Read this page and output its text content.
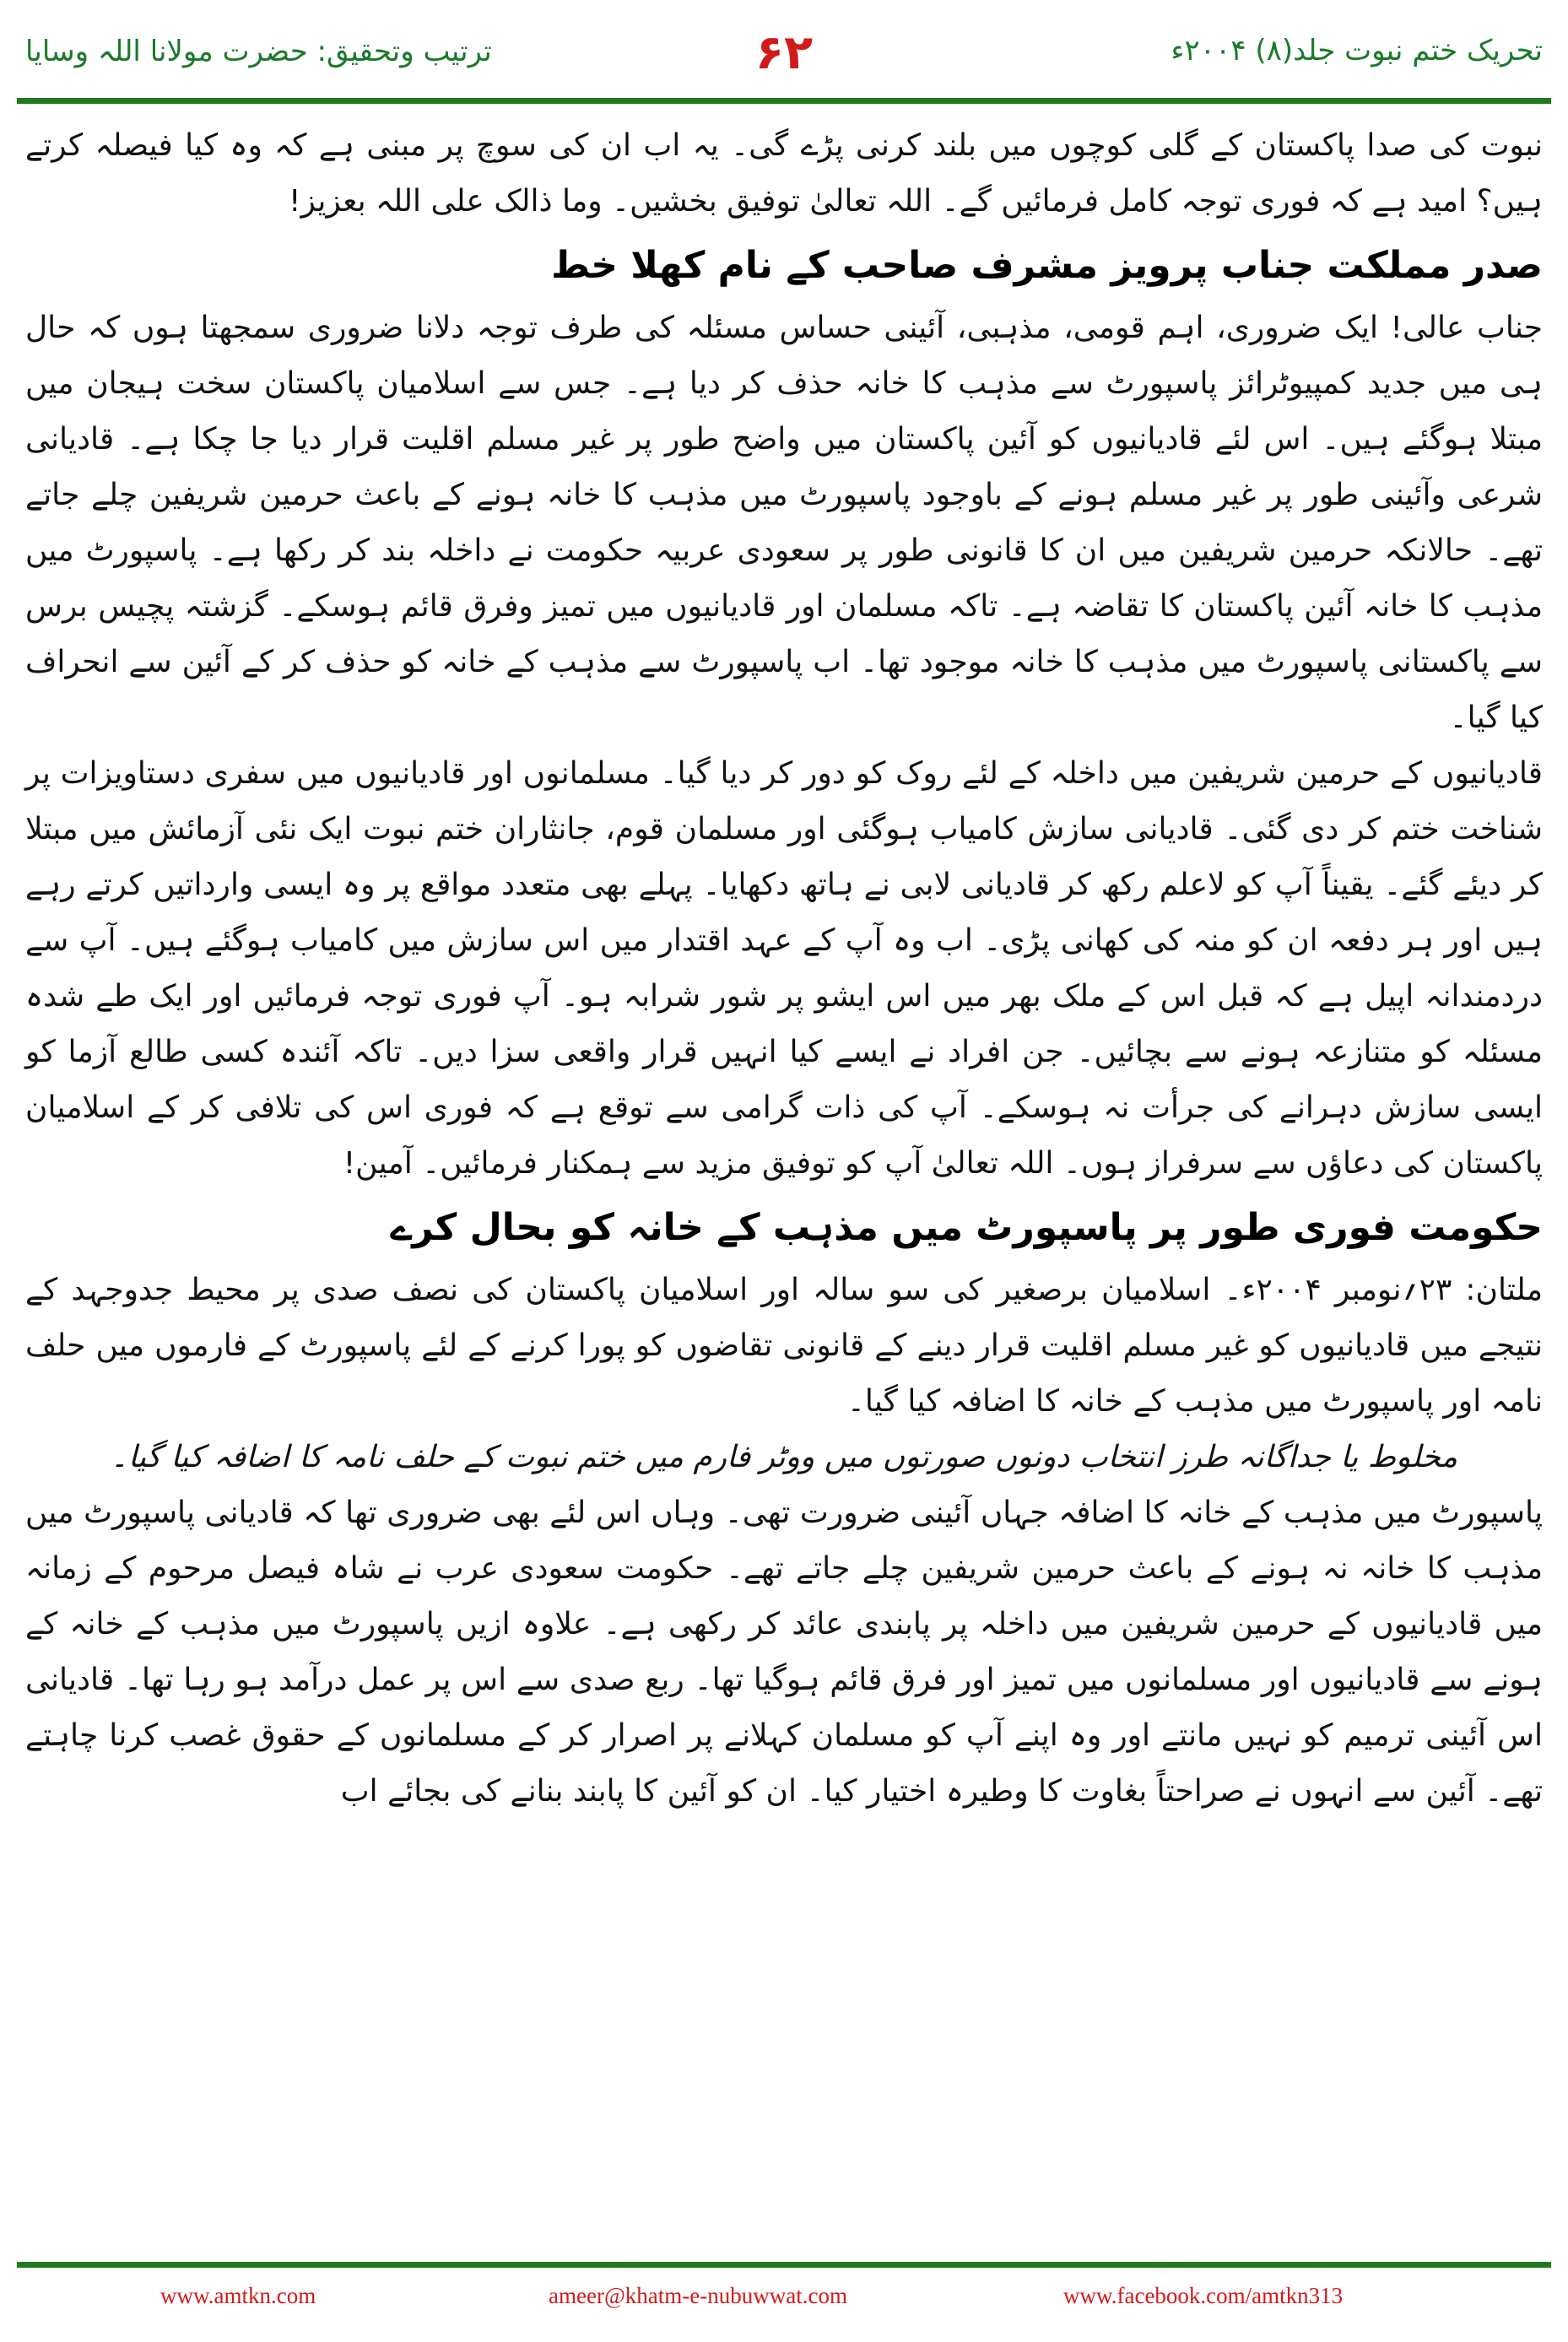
ترتیب وتحقیق: حضرت مولانا اللہ وسایا	۶۲	تحریک ختم نبوت جلد(۸) ۲۰۰۴ء

نبوت کی صدا پاکستان کے گلی کوچوں میں بلند کرنی پڑے گی۔ یہ اب ان کی سوچ پر مبنی ہے کہ وہ کیا فیصلہ کرتے ہیں؟ امید ہے کہ فوری توجہ کامل فرمائیں گے۔ اللہ تعالیٰ توفیق بخشیں۔ وما ذالک علی اللہ بعزیز!

صدر مملکت جناب پرویز مشرف صاحب کے نام کھلا خط

جناب عالی! ایک ضروری، اہم قومی، مذہبی، آئینی حساس مسئلہ کی طرف توجہ دلانا ضروری سمجھتا ہوں کہ حال ہی میں جدید کمپیوٹرائز پاسپورٹ سے مذہب کا خانہ حذف کر دیا ہے۔ جس سے اسلامیان پاکستان سخت ہیجان میں مبتلا ہوگئے ہیں۔ اس لئے قادیانیوں کو آئین پاکستان میں واضح طور پر غیر مسلم اقلیت قرار دیا جا چکا ہے۔ قادیانی شرعی وآئینی طور پر غیر مسلم ہونے کے باوجود پاسپورٹ میں مذہب کا خانہ ہونے کے باعث حرمین شریفین چلے جاتے تھے۔ حالانکہ حرمین شریفین میں ان کا قانونی طور پر سعودی عربیہ حکومت نے داخلہ بند کر رکھا ہے۔ پاسپورٹ میں مذہب کا خانہ آئین پاکستان کا تقاضہ ہے۔ تاکہ مسلمان اور قادیانیوں میں تمیز وفرق قائم ہوسکے۔ گزشتہ پچیس برس سے پاکستانی پاسپورٹ میں مذہب کا خانہ موجود تھا۔ اب پاسپورٹ سے مذہب کے خانہ کو حذف کر کے آئین سے انحراف کیا گیا۔

قادیانیوں کے حرمین شریفین میں داخلہ کے لئے روک کو دور کر دیا گیا۔ مسلمانوں اور قادیانیوں میں سفری دستاویزات پر شناخت ختم کر دی گئی۔ قادیانی سازش کامیاب ہوگئی اور مسلمان قوم، جانثاران ختم نبوت ایک نئی آزمائش میں مبتلا کر دیئے گئے۔ یقیناً آپ کو لاعلم رکھ کر قادیانی لابی نے ہاتھ دکھایا۔ پہلے بھی متعدد مواقع پر وہ ایسی وارداتیں کرتے رہے ہیں اور ہر دفعہ ان کو منہ کی کھانی پڑی۔ اب وہ آپ کے عہد اقتدار میں اس سازش میں کامیاب ہوگئے ہیں۔ آپ سے دردمندانہ اپیل ہے کہ قبل اس کے ملک بھر میں اس ایشو پر شور شرابہ ہو۔ آپ فوری توجہ فرمائیں اور ایک طے شدہ مسئلہ کو متنازعہ ہونے سے بچائیں۔ جن افراد نے ایسے کیا انہیں قرار واقعی سزا دیں۔ تاکہ آئندہ کسی طالع آزما کو ایسی سازش دہرانے کی جرأت نہ ہوسکے۔ آپ کی ذات گرامی سے توقع ہے کہ فوری اس کی تلافی کر کے اسلامیان پاکستان کی دعاؤں سے سرفراز ہوں۔ اللہ تعالیٰ آپ کو توفیق مزید سے ہمکنار فرمائیں۔ آمین!

حکومت فوری طور پر پاسپورٹ میں مذہب کے خانہ کو بحال کرے

ملتان: ۲۳؍نومبر ۲۰۰۴ء۔ اسلامیان برصغیر کی سو سالہ اور اسلامیان پاکستان کی نصف صدی پر محیط جدوجہد کے نتیجے میں قادیانیوں کو غیر مسلم اقلیت قرار دینے کے قانونی تقاضوں کو پورا کرنے کے لئے پاسپورٹ کے فارموں میں حلف نامہ اور پاسپورٹ میں مذہب کے خانہ کا اضافہ کیا گیا۔

مخلوط یا جداگانہ طرز انتخاب دونوں صورتوں میں ووٹر فارم میں ختم نبوت کے حلف نامہ کا اضافہ کیا گیا۔

پاسپورٹ میں مذہب کے خانہ کا اضافہ جہاں آئینی ضرورت تھی۔ وہاں اس لئے بھی ضروری تھا کہ قادیانی پاسپورٹ میں مذہب کا خانہ نہ ہونے کے باعث حرمین شریفین چلے جاتے تھے۔ حکومت سعودی عرب نے شاہ فیصل مرحوم کے زمانہ میں قادیانیوں کے حرمین شریفین میں داخلہ پر پابندی عائد کر رکھی ہے۔ علاوہ ازیں پاسپورٹ میں مذہب کے خانہ کے ہونے سے قادیانیوں اور مسلمانوں میں تمیز اور فرق قائم ہوگیا تھا۔ ربع صدی سے اس پر عمل درآمد ہو رہا تھا۔ قادیانی اس آئینی ترمیم کو نہیں مانتے اور وہ اپنے آپ کو مسلمان کہلانے پر اصرار کر کے مسلمانوں کے حقوق غصب کرنا چاہتے تھے۔ آئین سے انہوں نے صراحتاً بغاوت کا وطیرہ اختیار کیا۔ ان کو آئین کا پابند بنانے کی بجائے اب

www.amtkn.com	ameer@khatm-e-nubuwwat.com	www.facebook.com/amtkn313
